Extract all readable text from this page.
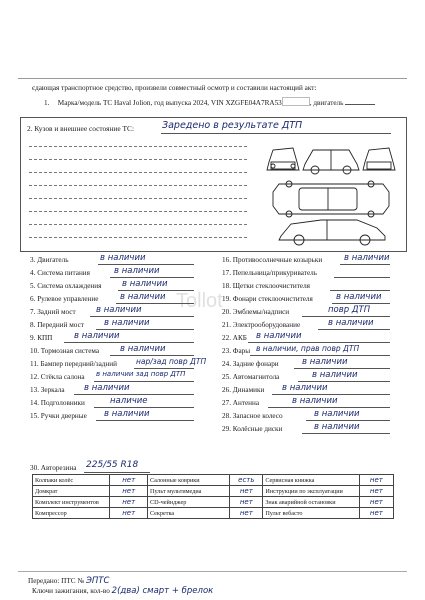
єдающая транспортное средство, произвели совместный осмотр и составили настоящий акт:
1. Марка/модель ТС Haval Jolion, год выпуска 2024, VIN XZGFE04A7RA53	, двигатель
2. Кузов и внешнее состояние ТС:	Заредено в результате ДТП
Tollot
3. Двигатель	в наличии
4. Система питания	в наличии
5. Система охлаждения в наличии
6. Рулевое управление	в наличии
7. Задний мост в наличии
8. Передний мост в наличии
9. КПП	в наличии
10. Тормозная система в наличии
11. Бампер передний/задний	нар/зад повр ДТП
12. Стёкла салона в наличии зад повр ДТП
13. Зеркала в наличии
14. Подголовники	наличие
15. Ручки дверные в наличии
16. Противосолнечные козырьки	в наличии
17. Пепельница/прикуриватель
18. Щетки стеклоочистителя
19. Фонари стеклоочистителя	в наличии
20. Эмблемы/надписи	повр ДТП
21. Электрооборудование	в наличии
22. АКБ в наличии
23. Фары в наличии, прав повр ДТП
24. Задние фонари	в наличии
25. Автомагнитола	в наличии
26. Динамики в наличии
27. Антенна	в наличии
28. Запасное колесо	в наличии
29. Колёсные диски	в наличии
30. Авторезина 225/55 R18
Колпаки колёс	нет	Салонные коврики	есть	Сервисная книжка	нет
Домкрат	нет	Пульт мультимедиа	нет	Инструкции по эксплуатации	нет
Комплект инструментов	нет	CD-чейнджер	нет	Знак аварийной остановки	нет
Компрессор	нет	Секретка	нет	Пульт вебасто	нет
Передано: ПТС № ЭПТС
Ключи зажигания, кол-во 2(два) смарт + брелок
